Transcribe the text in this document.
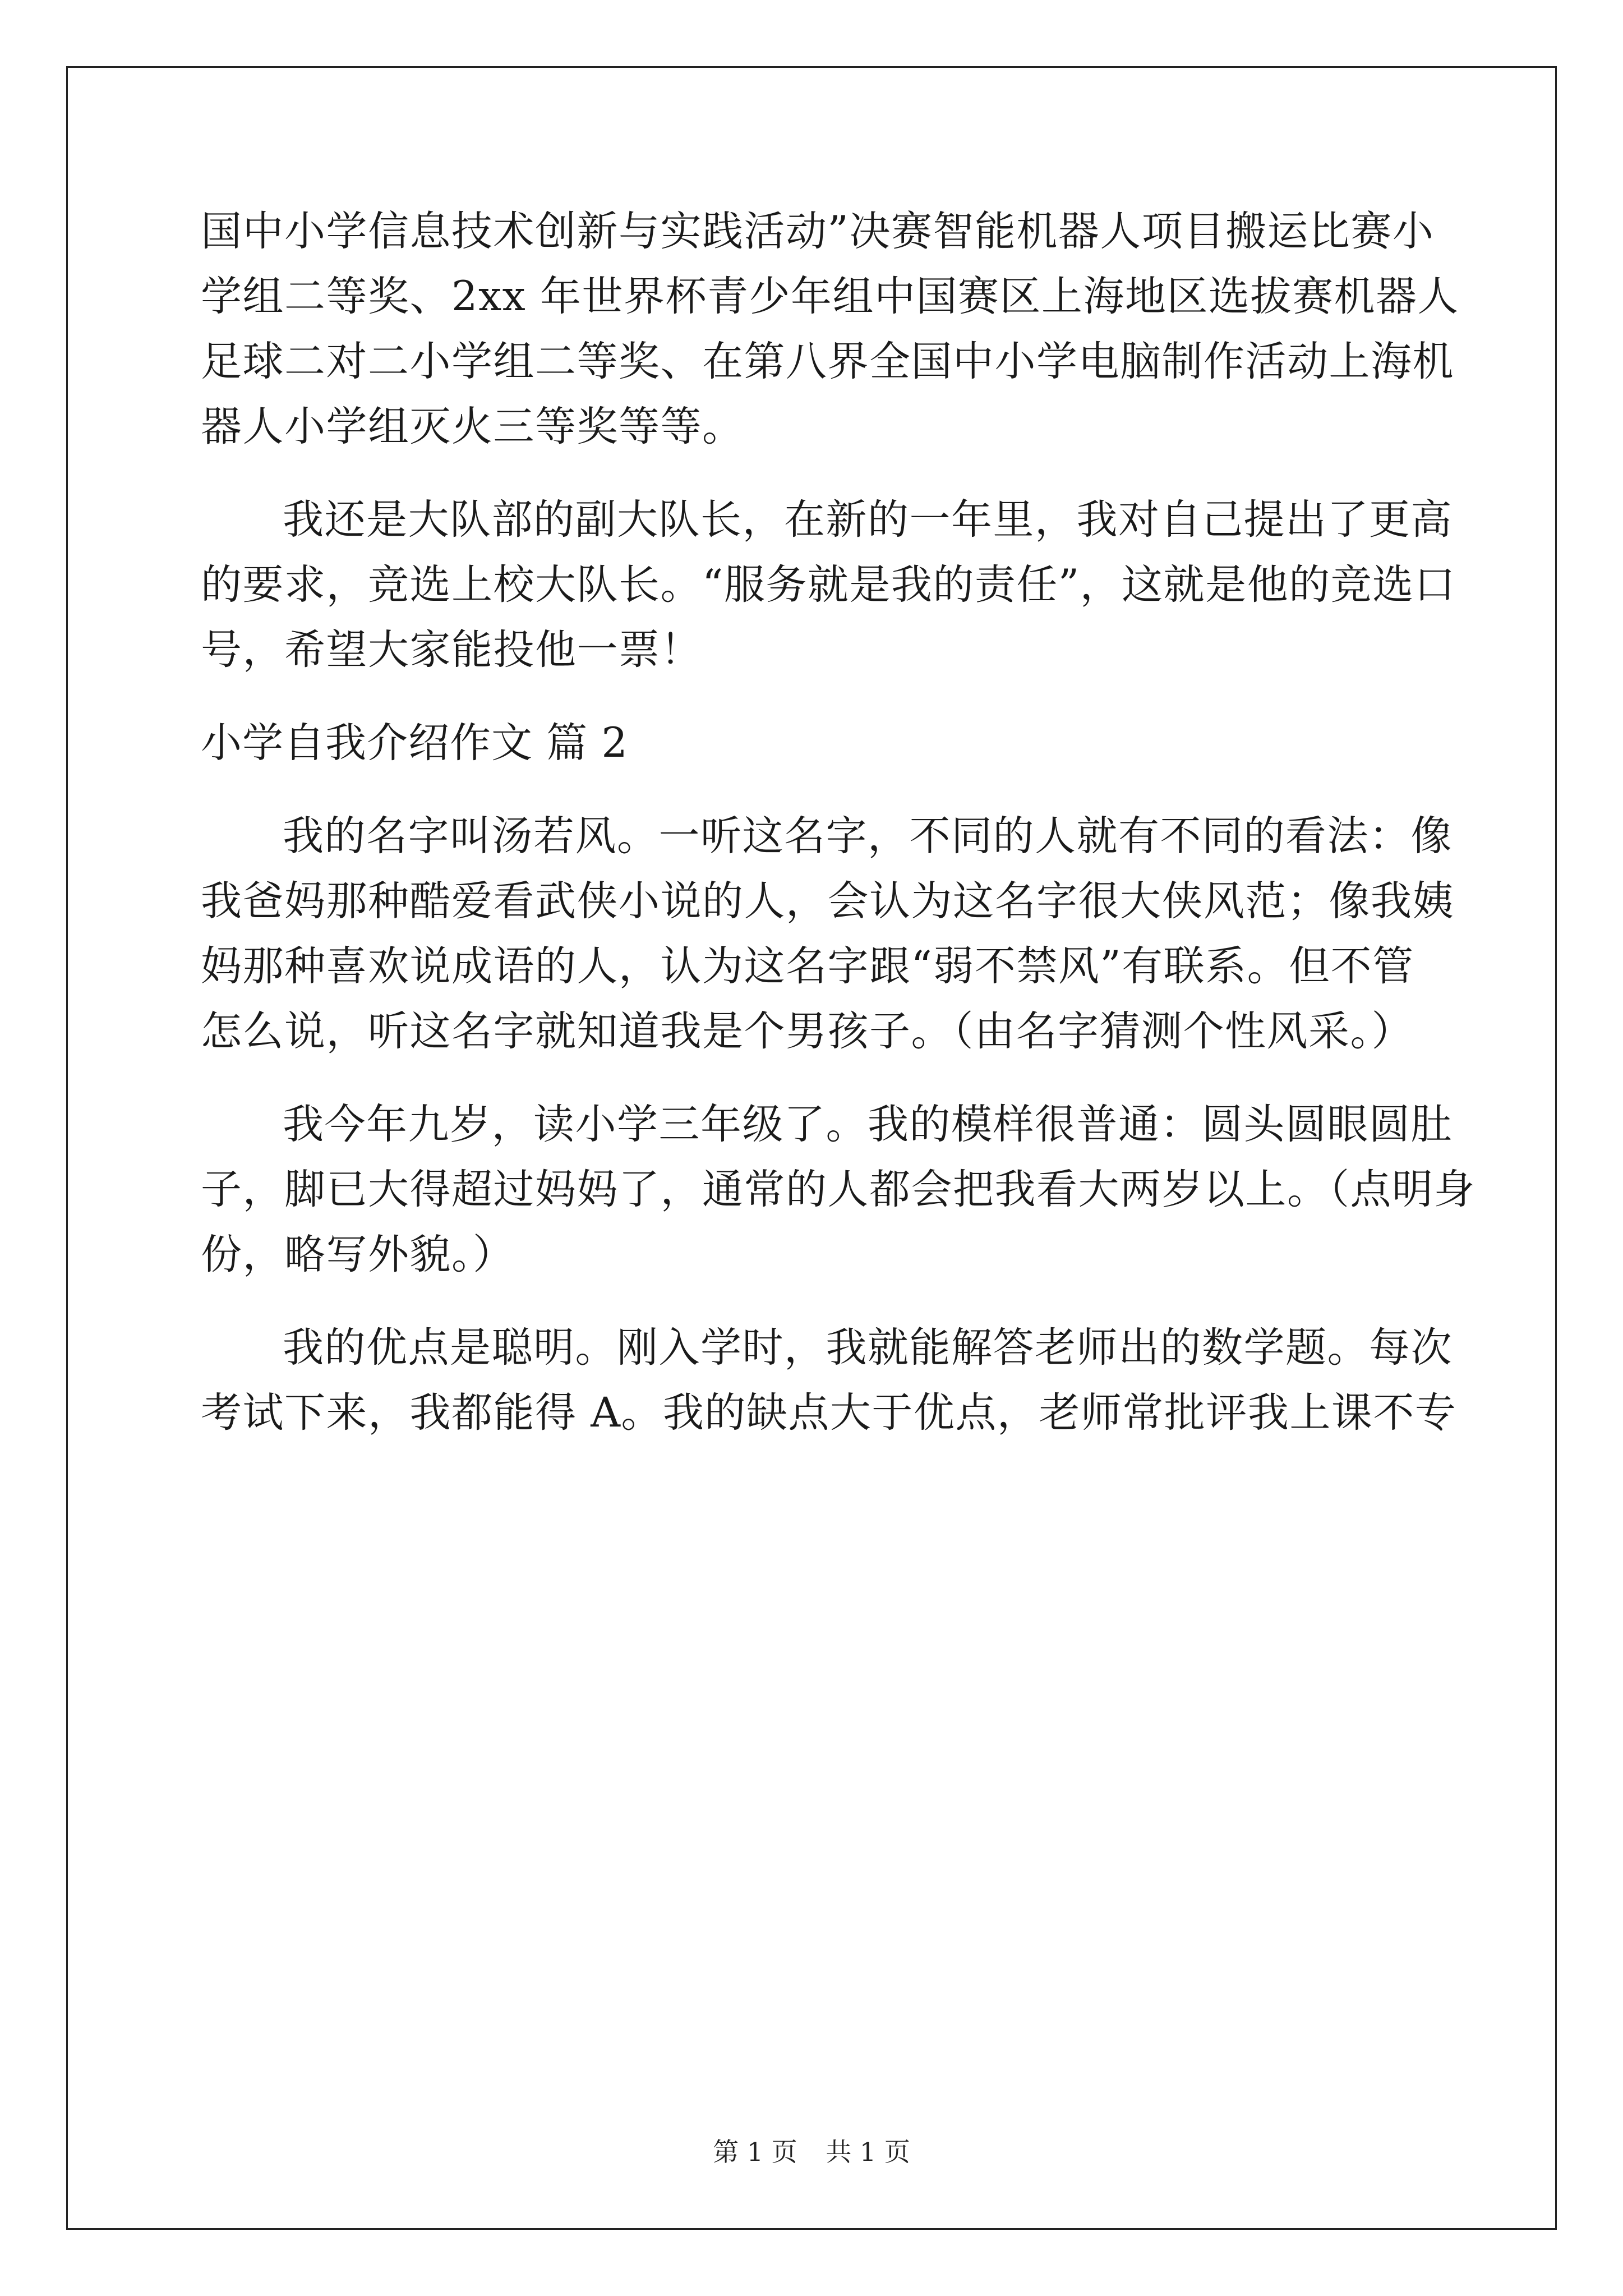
国中小学信息技术创新与实践活动”决赛智能机器人项目搬运比赛小
学组二等奖、2xx 年世界杯青少年组中国赛区上海地区选拔赛机器人
足球二对二小学组二等奖、在第八界全国中小学电脑制作活动上海机
器人小学组灭火三等奖等等。
我还是大队部的副大队长，在新的一年里，我对自己提出了更高
的要求，竞选上校大队长。“服务就是我的责任”，这就是他的竞选口
号，希望大家能投他一票！
小学自我介绍作文 篇 2
我的名字叫汤若风。一听这名字，不同的人就有不同的看法：像
我爸妈那种酷爱看武侠小说的人，会认为这名字很大侠风范；像我姨
妈那种喜欢说成语的人，认为这名字跟“弱不禁风”有联系。但不管
怎么说，听这名字就知道我是个男孩子。（由名字猜测个性风采。）
我今年九岁，读小学三年级了。我的模样很普通：圆头圆眼圆肚
子，脚已大得超过妈妈了，通常的人都会把我看大两岁以上。（点明身
份，略写外貌。）
我的优点是聪明。刚入学时，我就能解答老师出的数学题。每次
考试下来，我都能得 A。我的缺点大于优点，老师常批评我上课不专
第 1 页 共 1 页
